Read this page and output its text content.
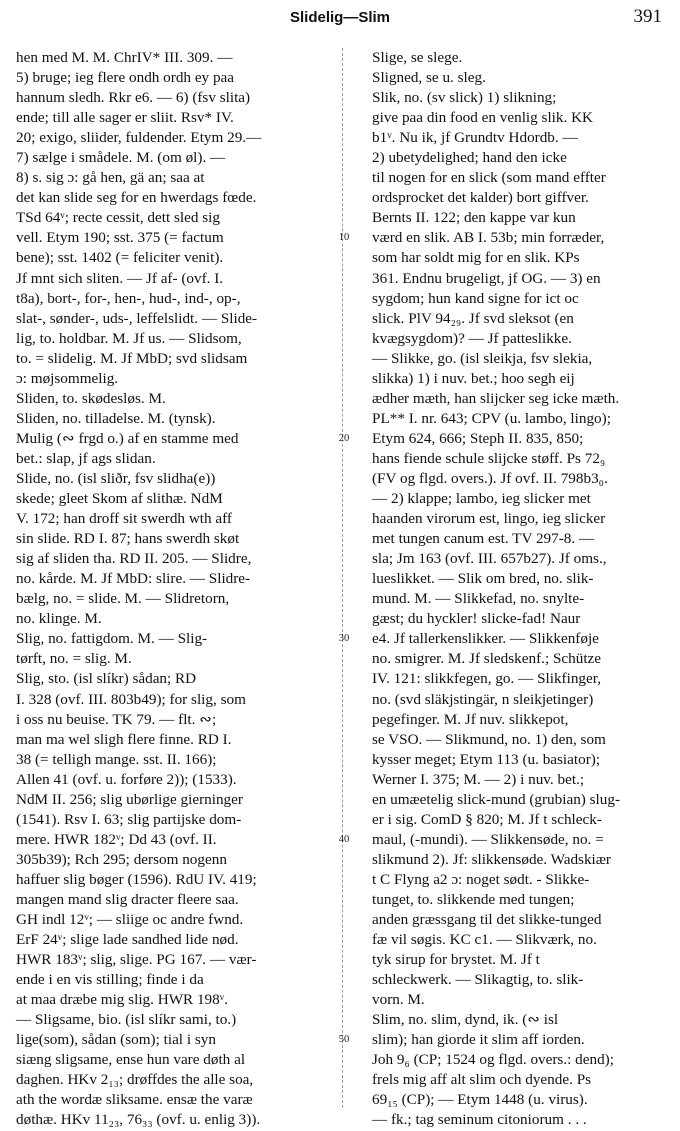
Slidelig—Slim	391
hen med M. M. ChrIV* III. 309. —
5) bruge; ieg flere ondh ordh ey paa
hannum sledh. Rkr e6. — 6) (fsv slita)
ende; till alle sager er sliit. Rsv* IV.
20; exigo, sliider, fuldender. Etym 29.—
7) sælge i smådele. M. (om øl). —
8) s. sig ɔ: gå hen, gä an; saa at
det kan slide seg for en hwerdags fœde.
TSd 64ᵛ; recte cessit, dett sled sig
vell. Etym 190; sst. 375 (= factum
bene); sst. 1402 (= feliciter venit).
Jf mnt sich sliten. — Jf af- (ovf. I.
t8a), bort-, for-, hen-, hud-, ind-, op-,
slat-, sønder-, uds-, leffelslidt. — Slide-
lig, to. holdbar. M. Jf us. — Slidsom,
to. = slidelig. M. Jf MbD; svd slidsam
ɔ: møjsommelig.
Sliden, to. skødesløs. M.
Sliden, no. tilladelse. M. (tynsk).
Mulig (∾ frgd o.) af en stamme med
bet.: slap, jf ags slidan.
Slide, no. (isl sliðr, fsv slidha(e))
skede; gleet Skom af slithæ. NdM
V. 172; han droff sit swerdh wth aff
sin slide. RD I. 87; hans swerdh skøt
sig af sliden tha. RD II. 205. — Slidre,
no. kårde. M. Jf MbD: slire. — Slidre-
bælg, no. = slide. M. — Slidretorn,
no. klinge. M.
Slig, no. fattigdom. M. — Slig-
tørft, no. = slig. M.
Slig, sto. (isl slíkr) sådan; RD
I. 328 (ovf. III. 803b49); for slig, som
i oss nu beuise. TK 79. — flt. ∾;
man ma wel sligh flere finne. RD I.
38 (= telligh mange. sst. II. 166);
Allen 41 (ovf. u. forføre 2)); (1533).
NdM II. 256; slig ubørlige gierninger
(1541). Rsv I. 63; slig partijske dom-
mere. HWR 182ᵛ; Dd 43 (ovf. II.
305b39); Rch 295; dersom nogenn
haffuer slig bøger (1596). RdU IV. 419;
mangen mand slig dracter fleere saa.
GH indl 12ᵛ; — sliige oc andre fwnd.
ErF 24ᵛ; slige lade sandhed lide nød.
HWR 183ᵛ; slig, slige. PG 167. — vær-
ende i en vis stilling; finde i da
at maa dræbe mig slig. HWR 198ᵛ.
— Sligsame, bio. (isl slíkr sami, to.)
lige(som), sådan (som); tial i syn
siæng sligsame, ense hun vare døth al
daghen. HKv 2₁₃; drøffdes the alle soa,
ath the wordæ sliksame. ensæ the varæ
døthæ. HKv 11₂₃, 76₃₃ (ovf. u. enlig 3)).
10
20
30
40
50
Slige, se slege.
Sligned, se u. sleg.
Slik, no. (sv slick) 1) slikning;
give paa din food en venlig slik. KK
b1ᵛ. Nu ik, jf Grundtv Hdordb. —
2) ubetydelighed; hand den icke
til nogen for en slick (som mand effter
ordsprocket det kalder) bort giffver.
Bernts II. 122; den kappe var kun
værd en slik. AB I. 53b; min forræder,
som har soldt mig for en slik. KPs
361. Endnu brugeligt, jf OG. — 3) en
sygdom; hun kand signe for ict oc
slick. PlV 94₂₉. Jf svd sleksot (en
kvægsygdom)? — Jf patteslikke.
— Slikke, go. (isl sleikja, fsv slekia,
slikka) 1) i nuv. bet.; hoo segh eij
ædher mæth, han slijcker seg icke mæth.
PL** I. nr. 643; CPV (u. lambo, lingo);
Etym 624, 666; Steph II. 835, 850;
hans fiende schule slijcke støff. Ps 72₉
(FV og flgd. overs.). Jf ovf. II. 798b3₀.
— 2) klappe; lambo, ieg slicker met
haanden virorum est, lingo, ieg slicker
met tungen canum est. TV 297-8. —
sla; Jm 163 (ovf. III. 657b27). Jf oms.,
lueslikket. — Slik om bred, no. slik-
mund. M. — Slikkefad, no. snylte-
gæst; du hyckler! slicke-fad! Naur
e4. Jf tallerkenslikker. — Slikkenføje
no. smigrer. M. Jf sledskenf.; Schütze
IV. 121: slikkfegen, go. — Slikfinger,
no. (svd släkjstingär, n sleikjetinger)
pegefinger. M. Jf nuv. slikkepot,
se VSO. — Slikmund, no. 1) den, som
kysser meget; Etym 113 (u. basiator);
Werner I. 375; M. — 2) i nuv. bet.;
en umæetelig slick-mund (grubian) slug-
er i sig. ComD § 820; M. Jf t schleck-
maul, (-mundi). — Slikkensøde, no. =
slikmund 2). Jf: slikkensøde. Wadskiær
t C Flyng a2 ɔ: noget sødt. - Slikke-
tunget, to. slikkende med tungen;
anden græssgang til det slikke-tunged
fæ vil søgis. KC c1. — Slikværk, no.
tyk sirup for brystet. M. Jf t
schleckwerk. — Slikagtig, to. slik-
vorn. M.
Slim, no. slim, dynd, ik. (∾ isl
slim); han giorde it slim aff iorden.
Joh 9₆ (CP; 1524 og flgd. overs.: dend);
frels mig aff alt slim och dyende. Ps
69₁₅ (CP); — Etym 1448 (u. virus).
— fk.; tag seminum citoniorum . . .
